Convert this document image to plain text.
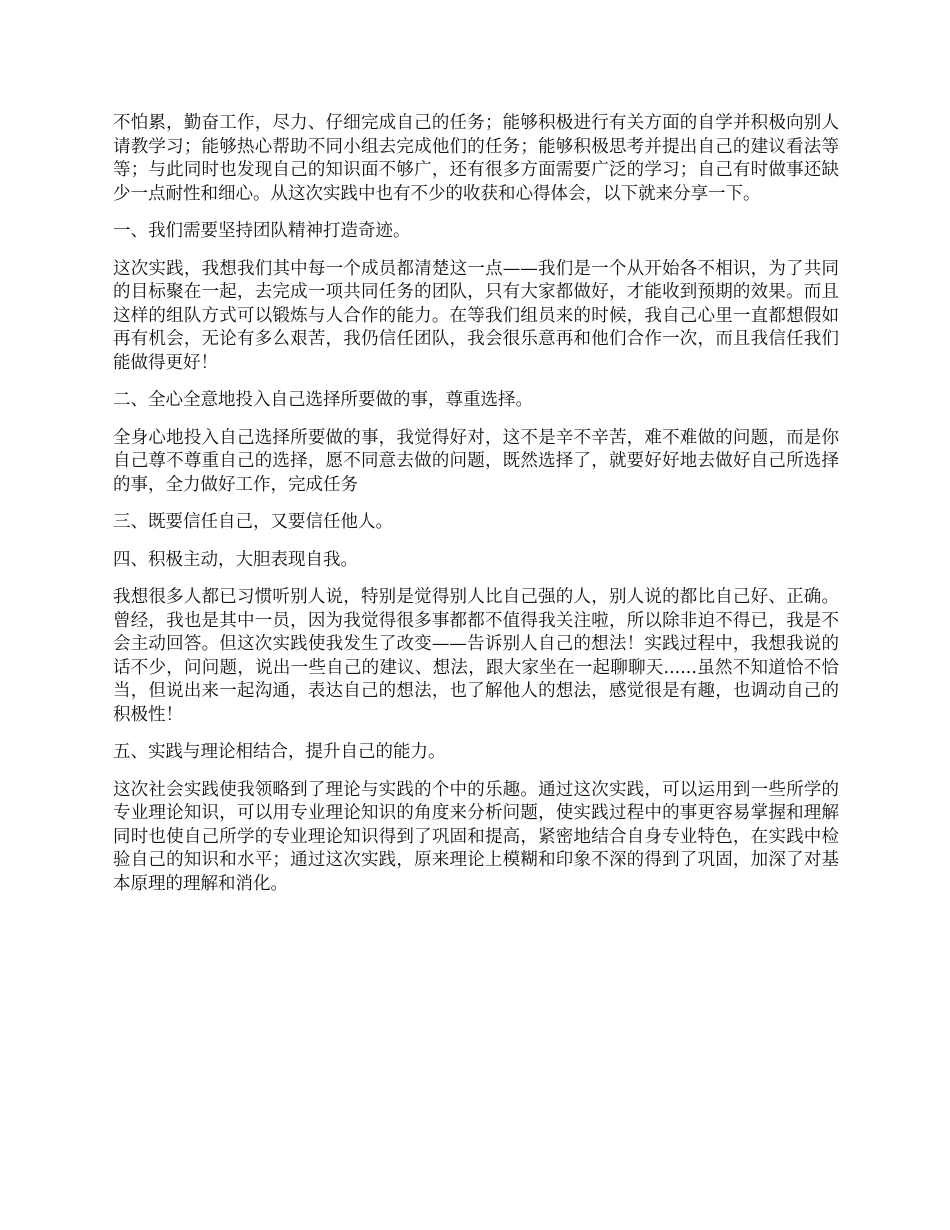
不怕累，勤奋工作，尽力、仔细完成自己的任务；能够积极进行有关方面的自学并积极向别人请教学习；能够热心帮助不同小组去完成他们的任务；能够积极思考并提出自己的建议看法等等；与此同时也发现自己的知识面不够广，还有很多方面需要广泛的学习；自己有时做事还缺少一点耐性和细心。从这次实践中也有不少的收获和心得体会，以下就来分享一下。

一、我们需要坚持团队精神打造奇迹。

这次实践，我想我们其中每一个成员都清楚这一点——我们是一个从开始各不相识，为了共同的目标聚在一起，去完成一项共同任务的团队，只有大家都做好，才能收到预期的效果。而且这样的组队方式可以锻炼与人合作的能力。在等我们组员来的时候，我自己心里一直都想假如再有机会，无论有多么艰苦，我仍信任团队，我会很乐意再和他们合作一次，而且我信任我们能做得更好！

二、全心全意地投入自己选择所要做的事，尊重选择。

全身心地投入自己选择所要做的事，我觉得好对，这不是辛不辛苦，难不难做的问题，而是你自己尊不尊重自己的选择，愿不同意去做的问题，既然选择了，就要好好地去做好自己所选择的事，全力做好工作，完成任务

三、既要信任自己，又要信任他人。

四、积极主动，大胆表现自我。

我想很多人都已习惯听别人说，特别是觉得别人比自己强的人，别人说的都比自己好、正确。曾经，我也是其中一员，因为我觉得很多事都都不值得我关注啦，所以除非迫不得已，我是不会主动回答。但这次实践使我发生了改变——告诉别人自己的想法！实践过程中，我想我说的话不少，问问题，说出一些自己的建议、想法，跟大家坐在一起聊聊天......虽然不知道恰不恰当，但说出来一起沟通，表达自己的想法，也了解他人的想法，感觉很是有趣，也调动自己的积极性！

五、实践与理论相结合，提升自己的能力。

这次社会实践使我领略到了理论与实践的个中的乐趣。通过这次实践，可以运用到一些所学的专业理论知识，可以用专业理论知识的角度来分析问题，使实践过程中的事更容易掌握和理解同时也使自己所学的专业理论知识得到了巩固和提高，紧密地结合自身专业特色，在实践中检验自己的知识和水平；通过这次实践，原来理论上模糊和印象不深的得到了巩固，加深了对基本原理的理解和消化。
